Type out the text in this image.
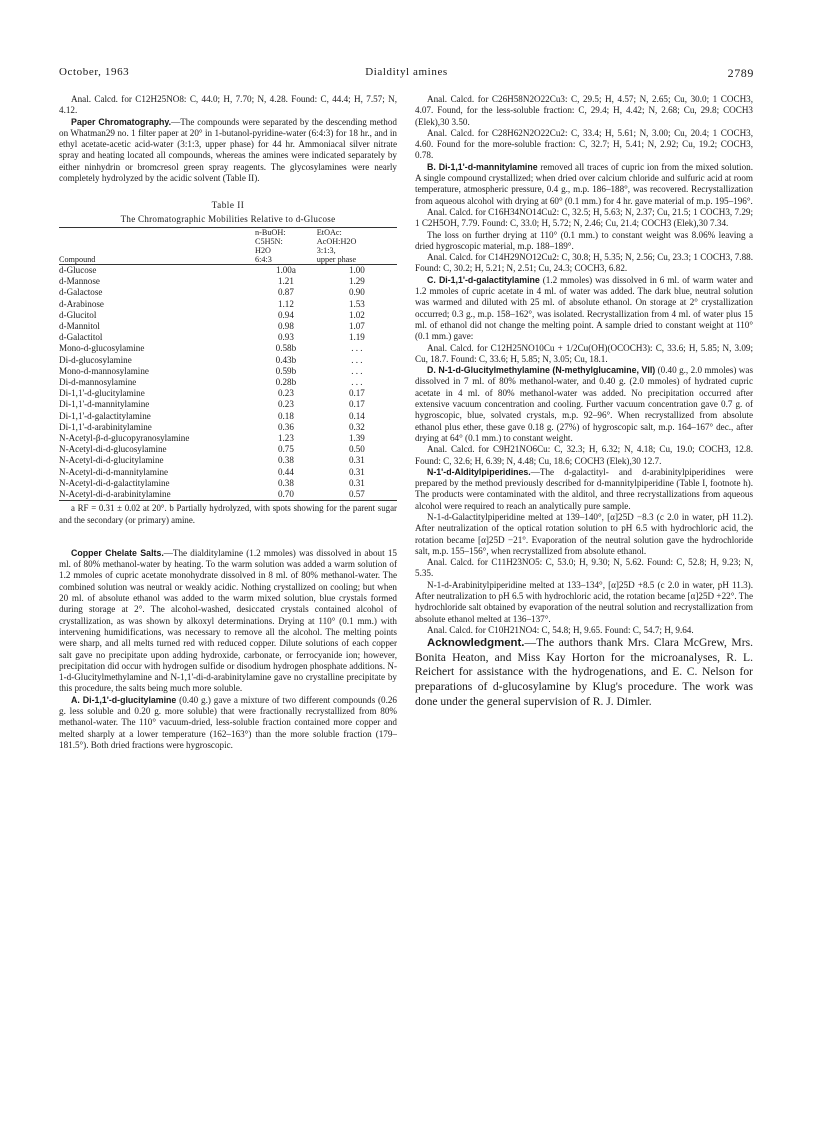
October, 1963	Dialdityl amines	2789

Anal. Calcd. for C12H25NO8: C, 44.0; H, 7.70; N, 4.28. Found: C, 44.4; H, 7.57; N, 4.12.

Paper Chromatography.—The compounds were separated by the descending method on Whatman29 no. 1 filter paper at 20° in 1-butanol-pyridine-water (6:4:3) for 18 hr., and in ethyl acetate-acetic acid-water (3:1:3, upper phase) for 44 hr. Ammoniacal silver nitrate spray and heating located all compounds, whereas the amines were indicated separately by either ninhydrin or bromcresol green spray reagents. The glycosylamines were nearly completely hydrolyzed by the acidic solvent (Table II).

Table II
The Chromatographic Mobilities Relative to d-Glucose
	n-BuOH:	EtOAc:
	C5H5N:	AcOH:H2O
	H2O	3:1:3,
Compound	6:4:3	upper phase
d-Glucose	1.00a	1.00
d-Mannose	1.21	1.29
d-Galactose	0.87	0.90
d-Arabinose	1.12	1.53
d-Glucitol	0.94	1.02
d-Mannitol	0.98	1.07
d-Galactitol	0.93	1.19
Mono-d-glucosylamine	0.58b	. . .
Di-d-glucosylamine	0.43b	. . .
Mono-d-mannosylamine	0.59b	. . .
Di-d-mannosylamine	0.28b	. . .
Di-1,1'-d-glucitylamine	0.23	0.17
Di-1,1'-d-mannitylamine	0.23	0.17
Di-1,1'-d-galactitylamine	0.18	0.14
Di-1,1'-d-arabinitylamine	0.36	0.32
N-Acetyl-β-d-glucopyranosylamine	1.23	1.39
N-Acetyl-di-d-glucosylamine	0.75	0.50
N-Acetyl-di-d-glucitylamine	0.38	0.31
N-Acetyl-di-d-mannitylamine	0.44	0.31
N-Acetyl-di-d-galactitylamine	0.38	0.31
N-Acetyl-di-d-arabinitylamine	0.70	0.57
a RF = 0.31 ± 0.02 at 20°. b Partially hydrolyzed, with spots showing for the parent sugar and the secondary (or primary) amine.

Copper Chelate Salts.—The dialditylamine (1.2 mmoles) was dissolved in about 15 ml. of 80% methanol-water by heating. To the warm solution was added a warm solution of 1.2 mmoles of cupric acetate monohydrate dissolved in 8 ml. of 80% methanol-water. The combined solution was neutral or weakly acidic. Nothing crystallized on cooling; but when 20 ml. of absolute ethanol was added to the warm mixed solution, blue crystals formed during storage at 2°. The alcohol-washed, desiccated crystals contained alcohol of crystallization, as was shown by alkoxyl determinations. Drying at 110° (0.1 mm.) with intervening humidifications, was necessary to remove all the alcohol. The melting points were sharp, and all melts turned red with reduced copper. Dilute solutions of each copper salt gave no precipitate upon adding hydroxide, carbonate, or ferrocyanide ion; however, precipitation did occur with hydrogen sulfide or disodium hydrogen phosphate additions. N-1-d-Glucitylmethylamine and N-1,1'-di-d-arabinitylamine gave no crystalline precipitate by this procedure, the salts being much more soluble.

A. Di-1,1'-d-glucitylamine (0.40 g.) gave a mixture of two different compounds (0.26 g. less soluble and 0.20 g. more soluble) that were fractionally recrystallized from 80% methanol-water. The 110° vacuum-dried, less-soluble fraction contained more copper and melted sharply at a lower temperature (162–163°) than the more soluble fraction (179–181.5°). Both dried fractions were hygroscopic.

Anal. Calcd. for C26H58N2O22Cu3: C, 29.5; H, 4.57; N, 2.65; Cu, 30.0; 1 COCH3, 4.07. Found, for the less-soluble fraction: C, 29.4; H, 4.42; N, 2.68; Cu, 29.8; COCH3 (Elek),30 3.50.

Anal. Calcd. for C28H62N2O22Cu2: C, 33.4; H, 5.61; N, 3.00; Cu, 20.4; 1 COCH3, 4.60. Found for the more-soluble fraction: C, 32.7; H, 5.41; N, 2.92; Cu, 19.2; COCH3, 0.78.

B. Di-1,1'-d-mannitylamine removed all traces of cupric ion from the mixed solution. A single compound crystallized; when dried over calcium chloride and sulfuric acid at room temperature, atmospheric pressure, 0.4 g., m.p. 186–188°, was recovered. Recrystallization from aqueous alcohol with drying at 60° (0.1 mm.) for 4 hr. gave material of m.p. 195–196°.

Anal. Calcd. for C16H34NO14Cu2: C, 32.5; H, 5.63; N, 2.37; Cu, 21.5; 1 COCH3, 7.29; 1 C2H5OH, 7.79. Found: C, 33.0; H, 5.72; N, 2.46; Cu, 21.4; COCH3 (Elek),30 7.34.

The loss on further drying at 110° (0.1 mm.) to constant weight was 8.06% leaving a dried hygroscopic material, m.p. 188–189°.

Anal. Calcd. for C14H29NO12Cu2: C, 30.8; H, 5.35; N, 2.56; Cu, 23.3; 1 COCH3, 7.88. Found: C, 30.2; H, 5.21; N, 2.51; Cu, 24.3; COCH3, 6.82.

C. Di-1,1'-d-galactitylamine (1.2 mmoles) was dissolved in 6 ml. of warm water and 1.2 mmoles of cupric acetate in 4 ml. of water was added. The dark blue, neutral solution was warmed and diluted with 25 ml. of absolute ethanol. On storage at 2° crystallization occurred; 0.3 g., m.p. 158–162°, was isolated. Recrystallization from 4 ml. of water plus 15 ml. of ethanol did not change the melting point. A sample dried to constant weight at 110° (0.1 mm.) gave:

Anal. Calcd. for C12H25NO10Cu + 1/2Cu(OH)(OCOCH3): C, 33.6; H, 5.85; N, 3.09; Cu, 18.7. Found: C, 33.6; H, 5.85; N, 3.05; Cu, 18.1.

D. N-1-d-Glucitylmethylamine (N-methylglucamine, VII) (0.40 g., 2.0 mmoles) was dissolved in 7 ml. of 80% methanol-water, and 0.40 g. (2.0 mmoles) of hydrated cupric acetate in 4 ml. of 80% methanol-water was added. No precipitation occurred after extensive vacuum concentration and cooling. Further vacuum concentration gave 0.7 g. of hygroscopic, blue, solvated crystals, m.p. 92–96°. When recrystallized from absolute ethanol plus ether, these gave 0.18 g. (27%) of hygroscopic salt, m.p. 164–167° dec., after drying at 64° (0.1 mm.) to constant weight.

Anal. Calcd. for C9H21NO6Cu: C, 32.3; H, 6.32; N, 4.18; Cu, 19.0; COCH3, 12.8. Found: C, 32.6; H, 6.39; N, 4.48; Cu, 18.6; COCH3 (Elek),30 12.7.

N-1'-d-Alditylpiperidines.—The d-galactityl- and d-arabinitylpiperidines were prepared by the method previously described for d-mannitylpiperidine (Table I, footnote h). The products were contaminated with the alditol, and three recrystallizations from aqueous alcohol were required to reach an analytically pure sample.

N-1-d-Galactitylpiperidine melted at 139–140°, [α]25D −8.3 (c 2.0 in water, pH 11.2). After neutralization of the optical rotation solution to pH 6.5 with hydrochloric acid, the rotation became [α]25D −21°. Evaporation of the neutral solution gave the hydrochloride salt, m.p. 155–156°, when recrystallized from absolute ethanol.

Anal. Calcd. for C11H23NO5: C, 53.0; H, 9.30; N, 5.62. Found: C, 52.8; H, 9.23; N, 5.35.

N-1-d-Arabinitylpiperidine melted at 133–134°, [α]25D +8.5 (c 2.0 in water, pH 11.3). After neutralization to pH 6.5 with hydrochloric acid, the rotation became [α]25D +22°. The hydrochloride salt obtained by evaporation of the neutral solution and recrystallization from absolute ethanol melted at 136–137°.

Anal. Calcd. for C10H21NO4: C, 54.8; H, 9.65. Found: C, 54.7; H, 9.64.

Acknowledgment.—The authors thank Mrs. Clara McGrew, Mrs. Bonita Heaton, and Miss Kay Horton for the microanalyses, R. L. Reichert for assistance with the hydrogenations, and E. C. Nelson for preparations of d-glucosylamine by Klug's procedure. The work was done under the general supervision of R. J. Dimler.
